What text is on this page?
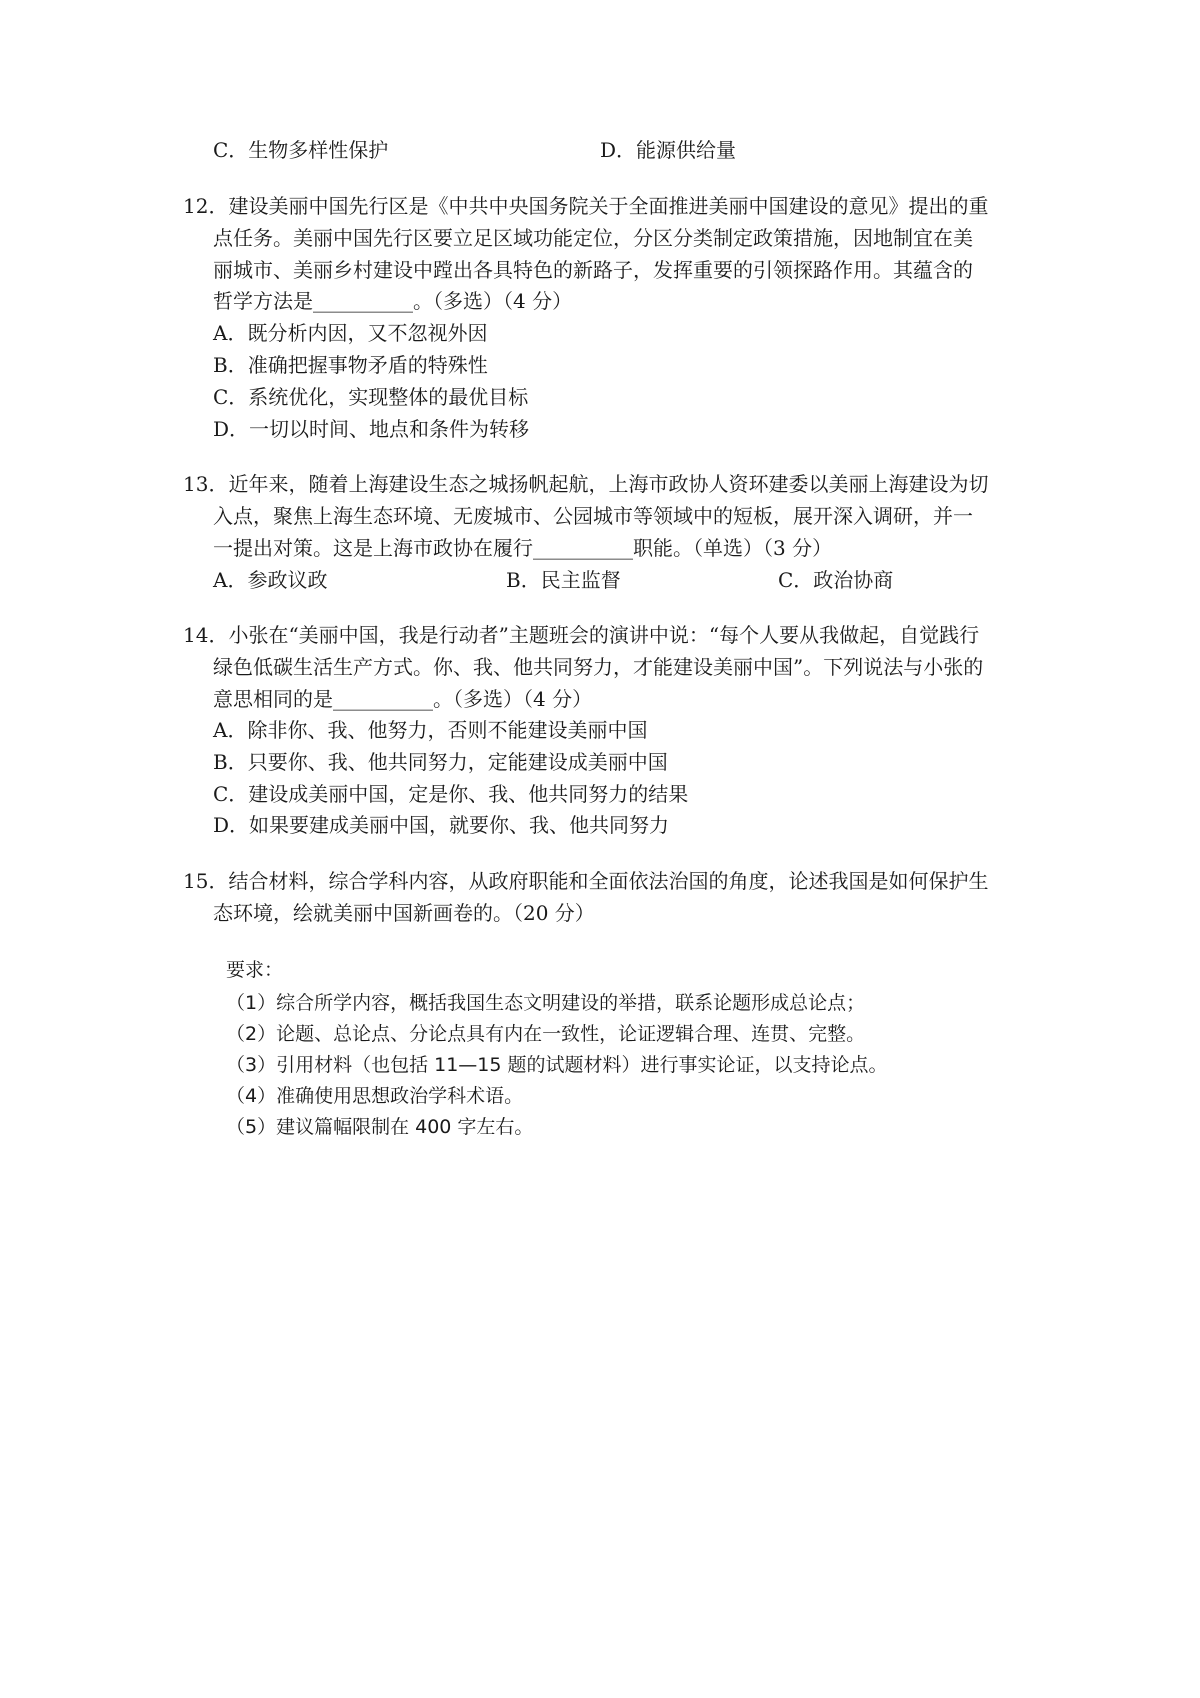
C．生物多样性保护	D．能源供给量
12．建设美丽中国先行区是《中共中央国务院关于全面推进美丽中国建设的意见》提出的重
点任务。美丽中国先行区要立足区域功能定位，分区分类制定政策措施，因地制宜在美
丽城市、美丽乡村建设中蹚出各具特色的新路子，发挥重要的引领探路作用。其蕴含的
哲学方法是__________。（多选）（4 分）
A．既分析内因，又不忽视外因
B．准确把握事物矛盾的特殊性
C．系统优化，实现整体的最优目标
D．一切以时间、地点和条件为转移
13．近年来，随着上海建设生态之城扬帆起航，上海市政协人资环建委以美丽上海建设为切
入点，聚焦上海生态环境、无废城市、公园城市等领域中的短板，展开深入调研，并一
一提出对策。这是上海市政协在履行__________职能。（单选）（3 分）
A．参政议政	B．民主监督	C．政治协商
14．小张在“美丽中国，我是行动者”主题班会的演讲中说：“每个人要从我做起，自觉践行
绿色低碳生活生产方式。你、我、他共同努力，才能建设美丽中国”。下列说法与小张的
意思相同的是__________。（多选）（4 分）
A．除非你、我、他努力，否则不能建设美丽中国
B．只要你、我、他共同努力，定能建设成美丽中国
C．建设成美丽中国，定是你、我、他共同努力的结果
D．如果要建成美丽中国，就要你、我、他共同努力
15．结合材料，综合学科内容，从政府职能和全面依法治国的角度，论述我国是如何保护生
态环境，绘就美丽中国新画卷的。（20 分）
要求：
（1）综合所学内容，概括我国生态文明建设的举措，联系论题形成总论点；
（2）论题、总论点、分论点具有内在一致性，论证逻辑合理、连贯、完整。
（3）引用材料（也包括 11—15 题的试题材料）进行事实论证，以支持论点。
（4）准确使用思想政治学科术语。
（5）建议篇幅限制在 400 字左右。
